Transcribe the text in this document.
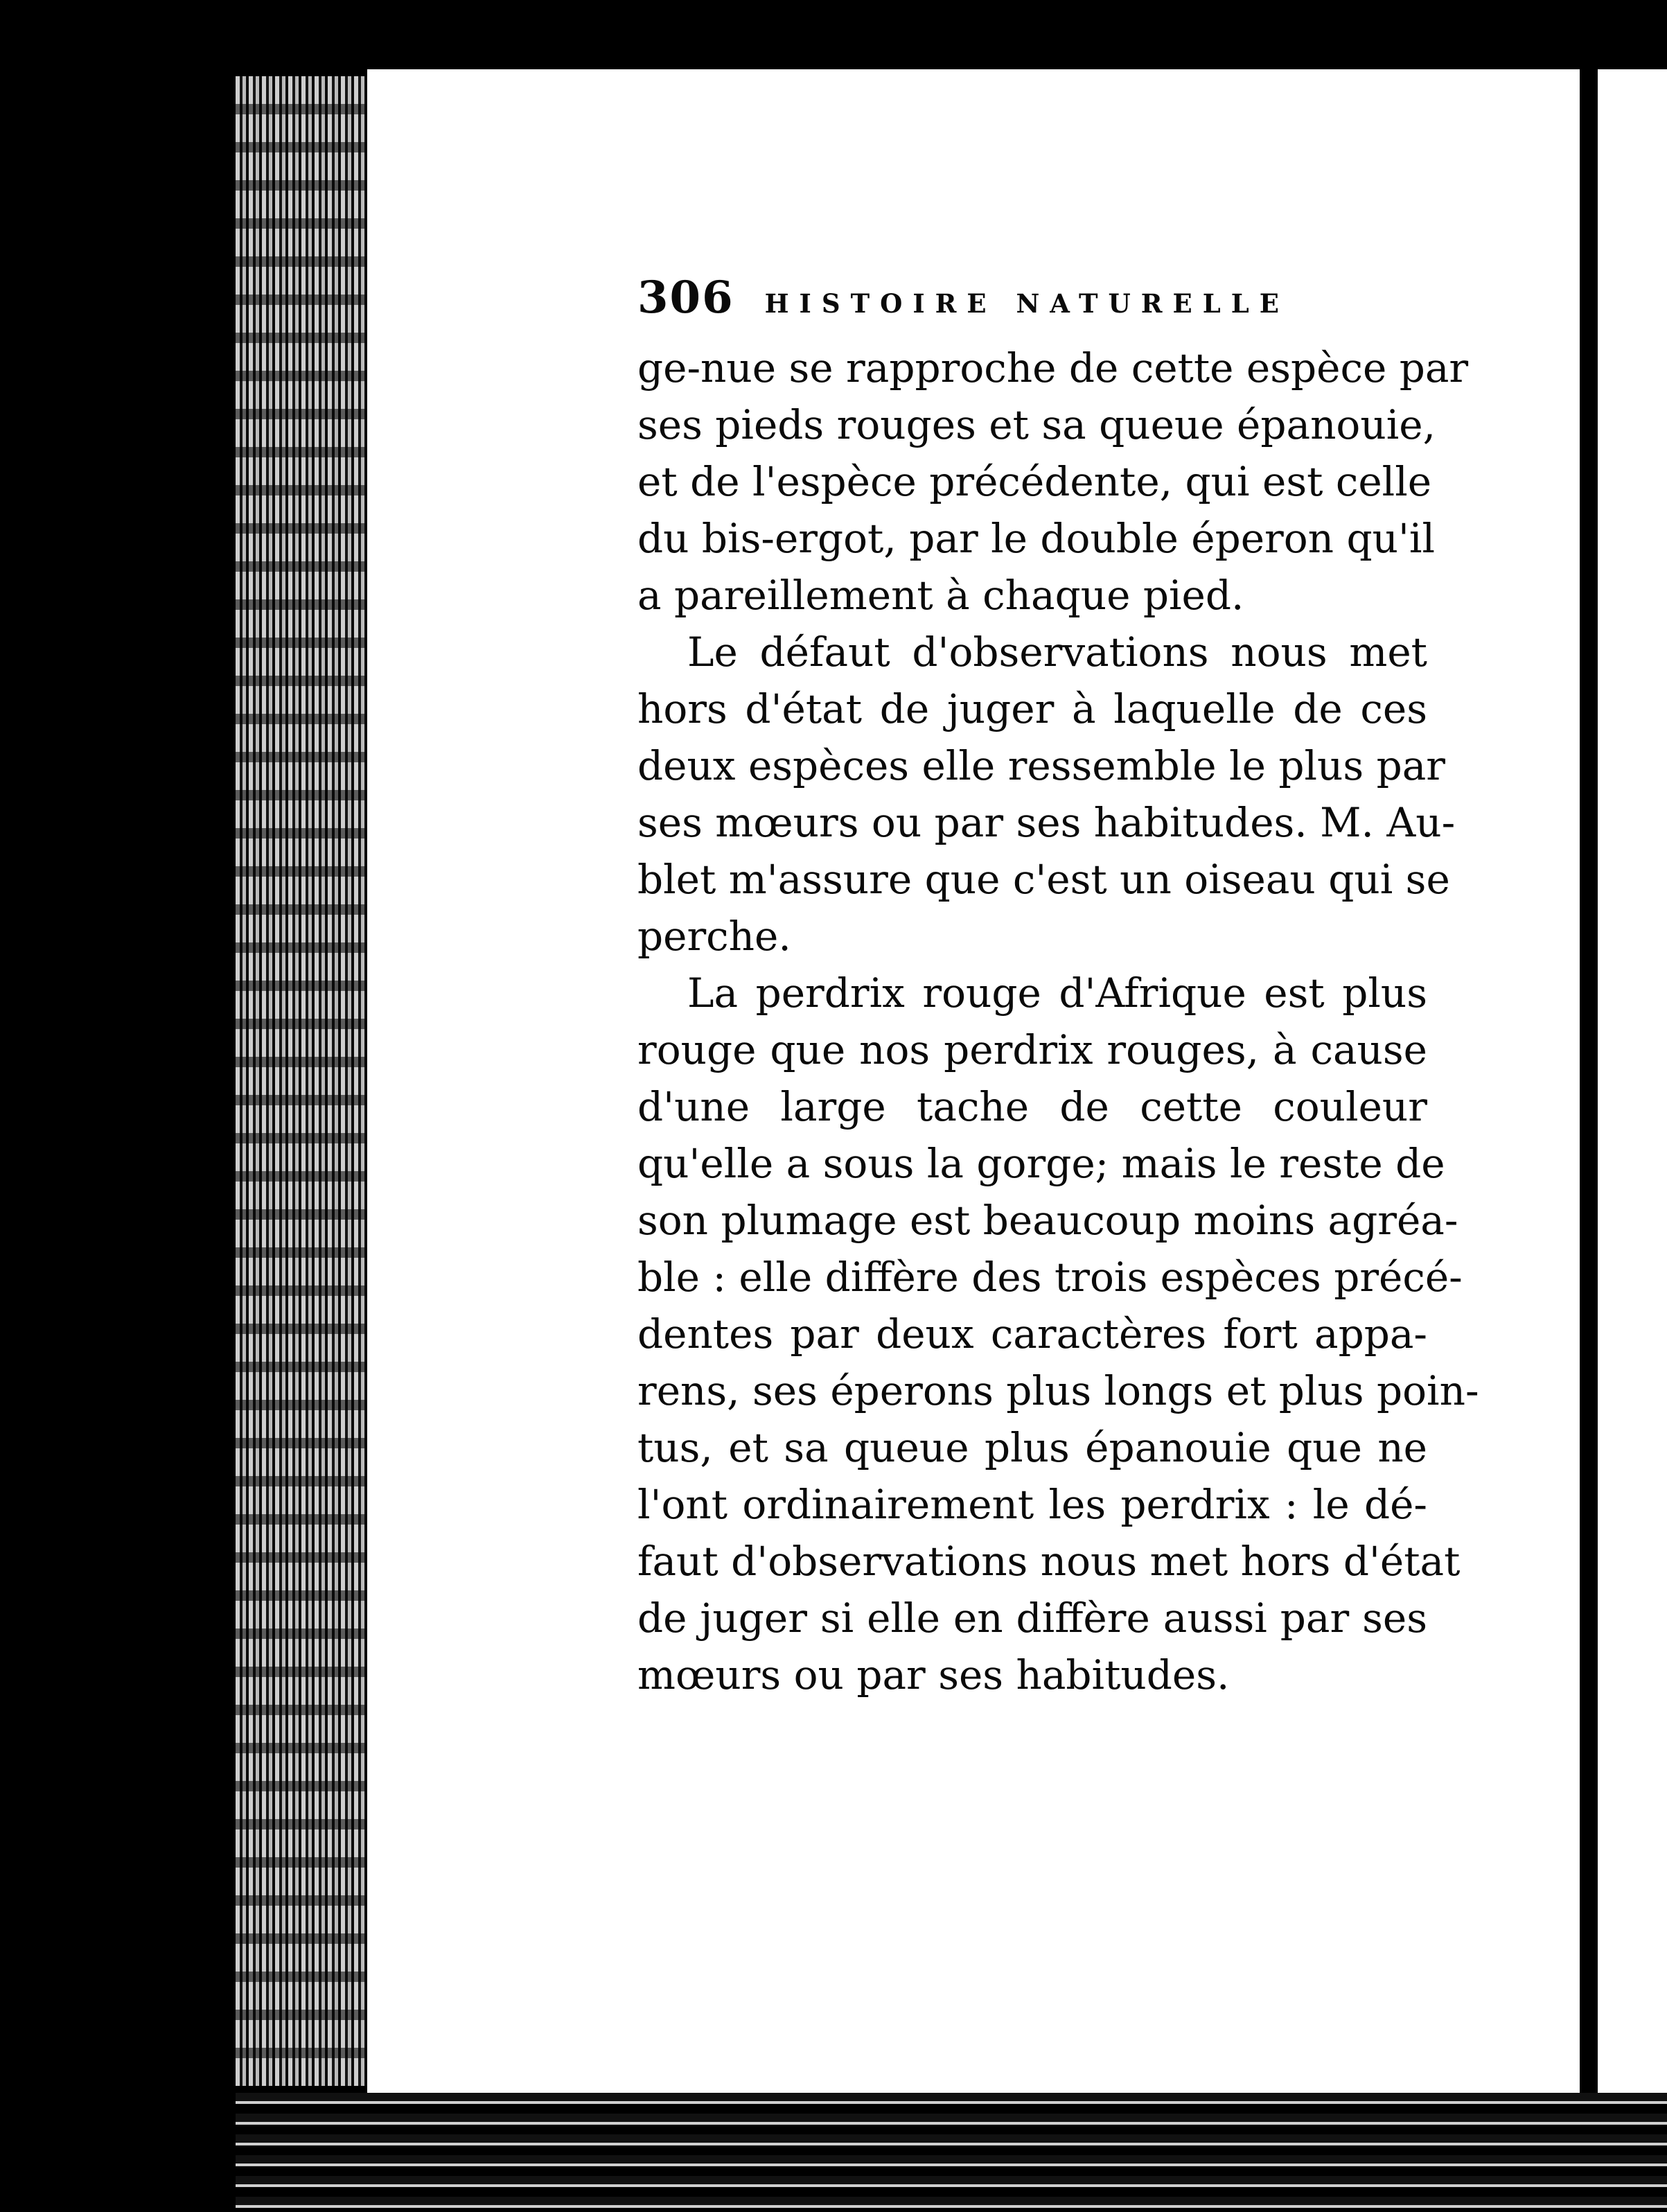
306 HISTOIRE NATURELLE

ge-nue se rapproche de cette espèce par
ses pieds rouges et sa queue épanouie,
et de l'espèce précédente, qui est celle
du bis-ergot, par le double éperon qu'il
a pareillement à chaque pied.

Le défaut d'observations nous met
hors d'état de juger à laquelle de ces
deux espèces elle ressemble le plus par
ses mœurs ou par ses habitudes. M. Au-
blet m'assure que c'est un oiseau qui se
perche.

La perdrix rouge d'Afrique est plus
rouge que nos perdrix rouges, à cause
d'une large tache de cette couleur
qu'elle a sous la gorge; mais le reste de
son plumage est beaucoup moins agréa-
ble : elle diffère des trois espèces précé-
dentes par deux caractères fort appa-
rens, ses éperons plus longs et plus poin-
tus, et sa queue plus épanouie que ne
l'ont ordinairement les perdrix : le dé-
faut d'observations nous met hors d'état
de juger si elle en diffère aussi par ses
mœurs ou par ses habitudes.
